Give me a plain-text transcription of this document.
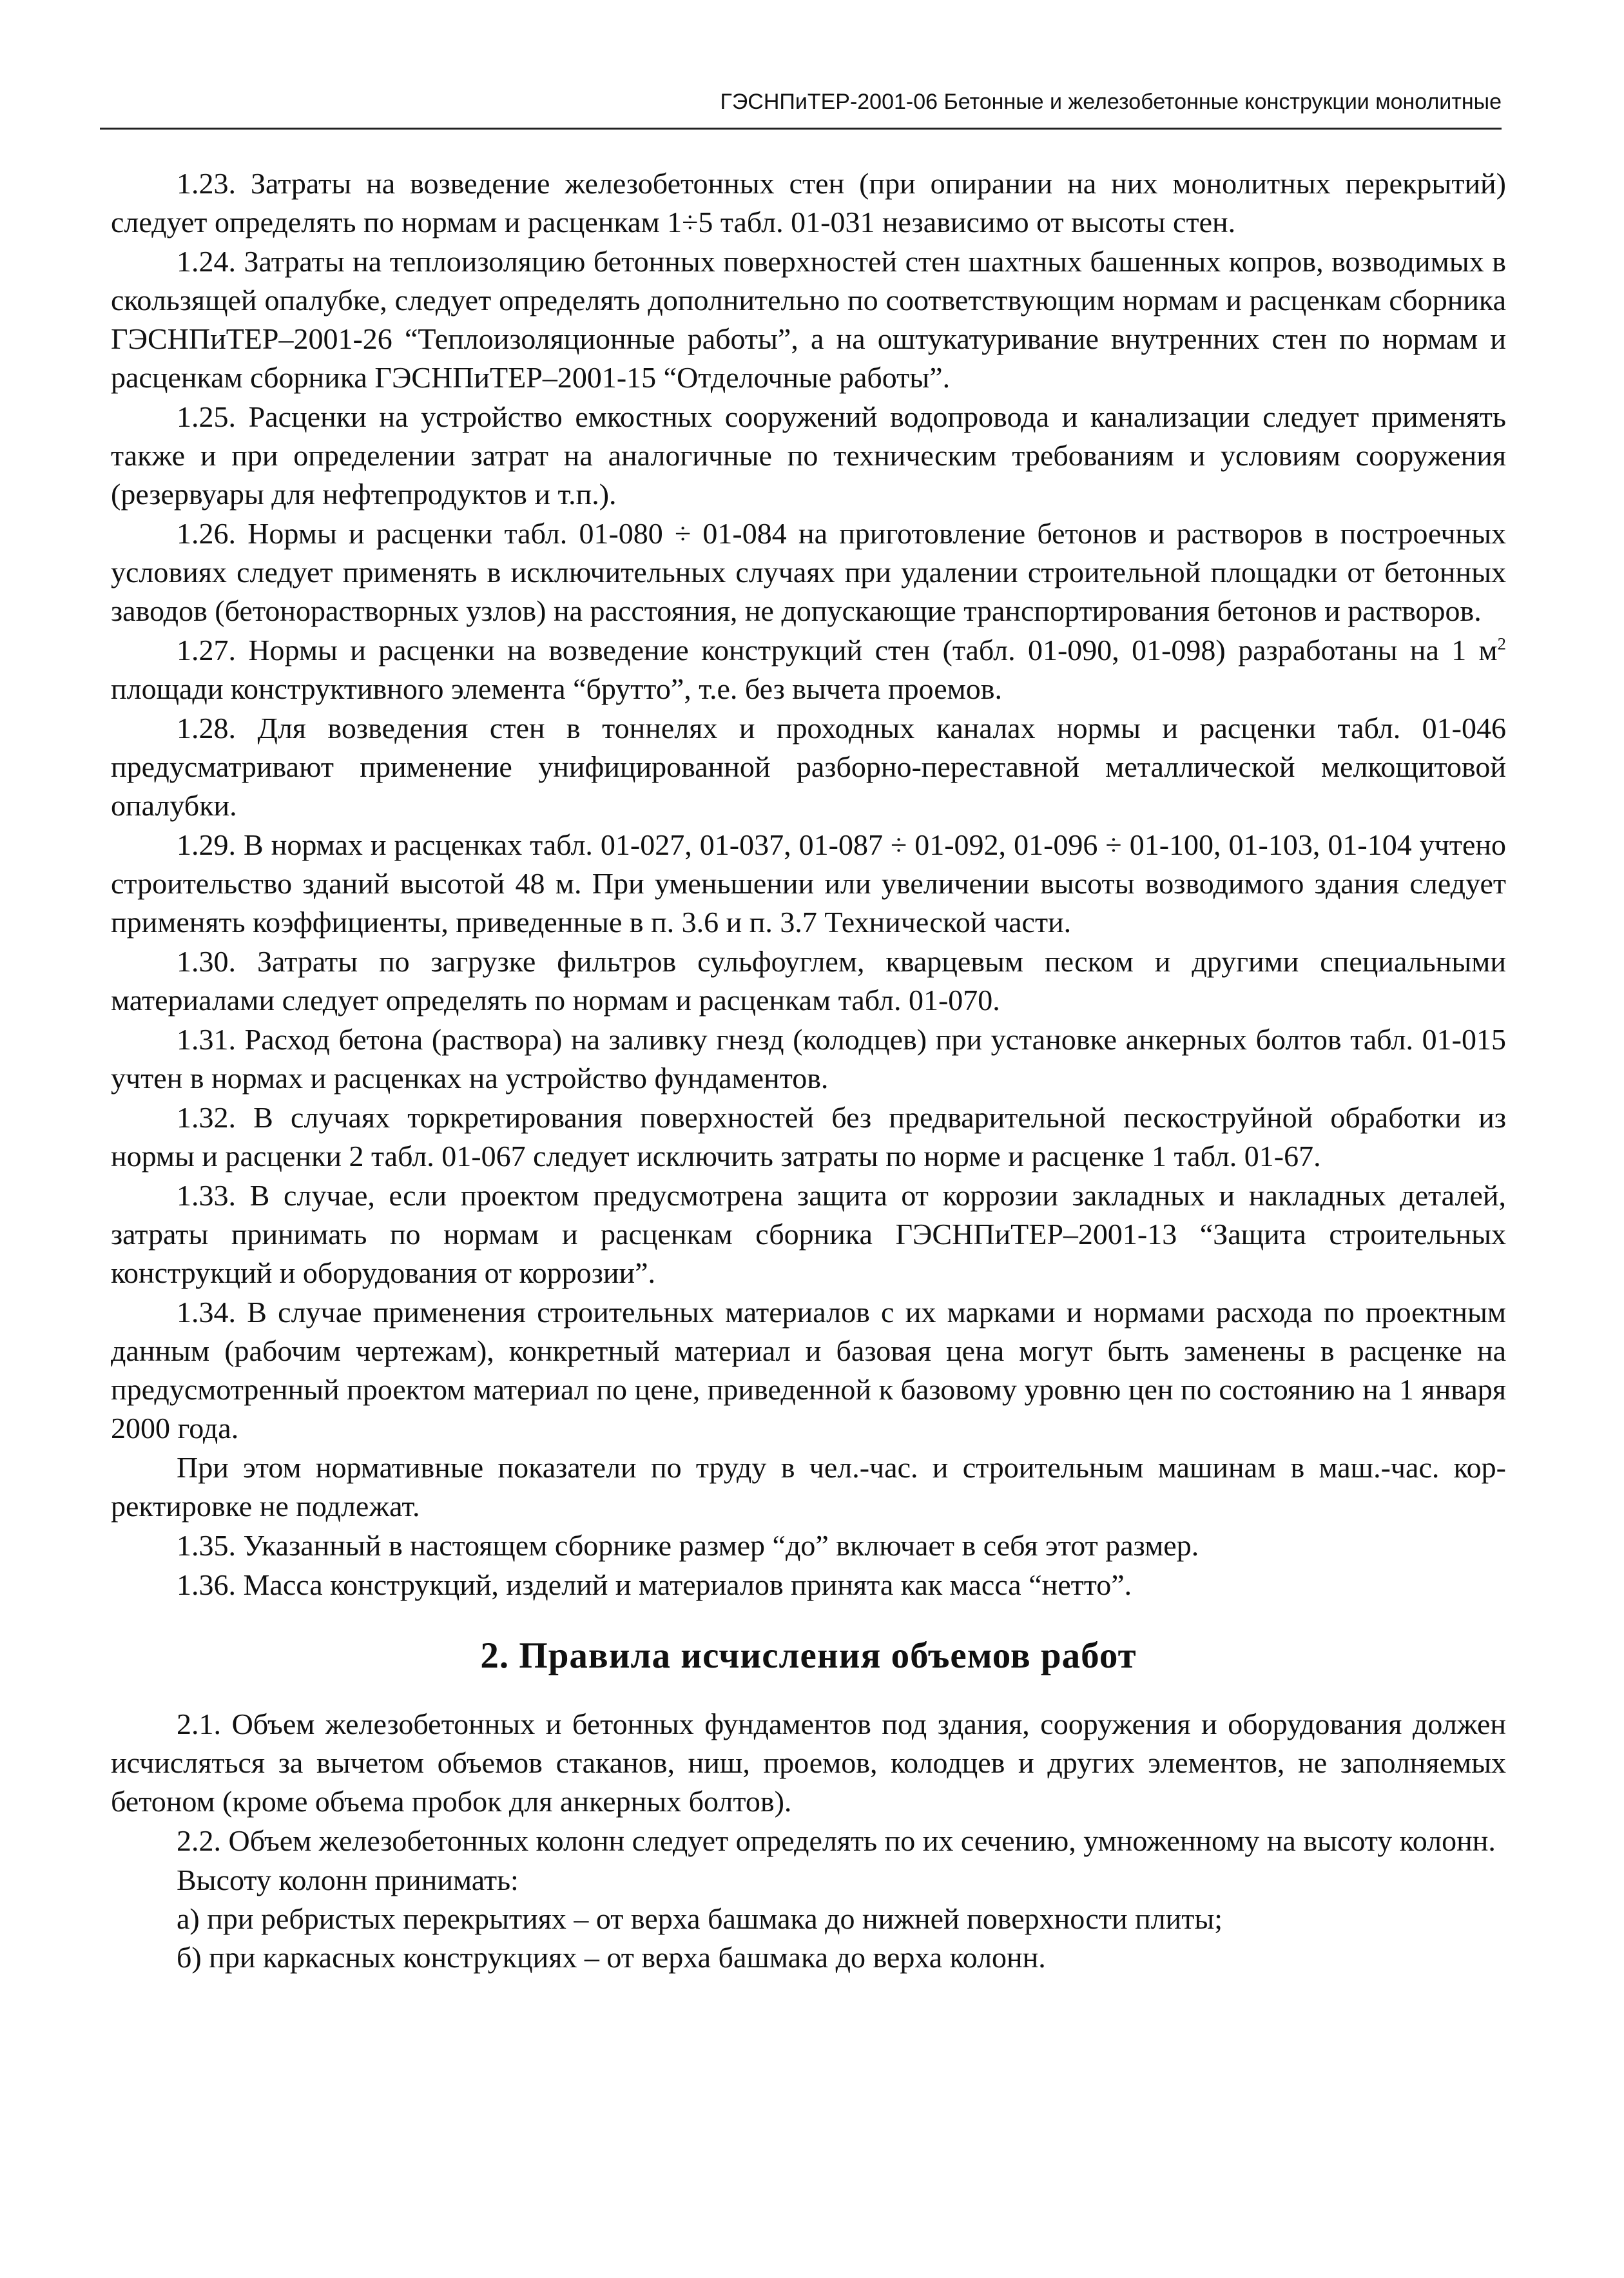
ГЭСНПиТЕР-2001-06 Бетонные и железобетонные конструкции монолитные

1.23. Затраты на возведение железобетонных стен (при опирании на них монолитных перекрытий) следует определять по нормам и расценкам 1÷5 табл. 01-031 независимо от высоты стен.

1.24. Затраты на теплоизоляцию бетонных поверхностей стен шахтных башенных копров, возводимых в скользящей опалубке, следует определять дополнительно по соответствующим нормам и расценкам сборника ГЭСНПиТЕР–2001-26 “Теплоизоляционные работы”, а на оштукатуривание внутренних стен по нормам и расценкам сборника ГЭСНПиТЕР–2001-15 “Отделочные работы”.

1.25. Расценки на устройство емкостных сооружений водопровода и канализации следует применять также и при определении затрат на аналогичные по техническим требованиям и условиям сооружения (резервуары для нефтепродуктов и т.п.).

1.26. Нормы и расценки табл. 01-080 ÷ 01-084 на приготовление бетонов и растворов в построечных условиях следует применять в исключительных случаях при удалении строительной площадки от бетонных заводов (бетонорастворных узлов) на расстояния, не допускающие транспортирования бетонов и растворов.

1.27. Нормы и расценки на возведение конструкций стен (табл. 01-090, 01-098) разработаны на 1 $м^2$ площади конструктивного элемента “брутто”, т.е. без вычета проемов.

1.28. Для возведения стен в тоннелях и проходных каналах нормы и расценки табл. 01-046 предусматривают применение унифицированной разборно-переставной металлической мелкощитовой опалубки.

1.29. В нормах и расценках табл. 01-027, 01-037, 01-087 ÷ 01-092, 01-096 ÷ 01-100, 01-103, 01-104 учтено строительство зданий высотой 48 м. При уменьшении или увеличении высоты возводимого здания следует применять коэффициенты, приведенные в п. 3.6 и п. 3.7 Технической части.

1.30. Затраты по загрузке фильтров сульфоуглем, кварцевым песком и другими специальными материалами следует определять по нормам и расценкам табл. 01-070.

1.31. Расход бетона (раствора) на заливку гнезд (колодцев) при установке анкерных болтов табл. 01-015 учтен в нормах и расценках на устройство фундаментов.

1.32. В случаях торкретирования поверхностей без предварительной пескоструйной обработки из нормы и расценки 2 табл. 01-067 следует исключить затраты по норме и расценке 1 табл. 01-67.

1.33. В случае, если проектом предусмотрена защита от коррозии закладных и накладных деталей, затраты принимать по нормам и расценкам сборника ГЭСНПиТЕР–2001-13 “Защита строительных конструкций и оборудования от коррозии”.

1.34. В случае применения строительных материалов с их марками и нормами расхода по проектным данным (рабочим чертежам), конкретный материал и базовая цена могут быть заменены в расценке на предусмотренный проектом материал по цене, приведенной к базовому уровню цен по состоянию на 1 января 2000 года.

При этом нормативные показатели по труду в чел.-час. и строительным машинам в маш.-час. корректировке не подлежат.

1.35. Указанный в настоящем сборнике размер “до” включает в себя этот размер.

1.36. Масса конструкций, изделий и материалов принята как масса “нетто”.

2. Правила исчисления объемов работ

2.1. Объем железобетонных и бетонных фундаментов под здания, сооружения и оборудования должен исчисляться за вычетом объемов стаканов, ниш, проемов, колодцев и других элементов, не заполняемых бетоном (кроме объема пробок для анкерных болтов).

2.2. Объем железобетонных колонн следует определять по их сечению, умноженному на высоту колонн.

Высоту колонн принимать:

а) при ребристых перекрытиях – от верха башмака до нижней поверхности плиты;

б) при каркасных конструкциях – от верха башмака до верха колонн.
